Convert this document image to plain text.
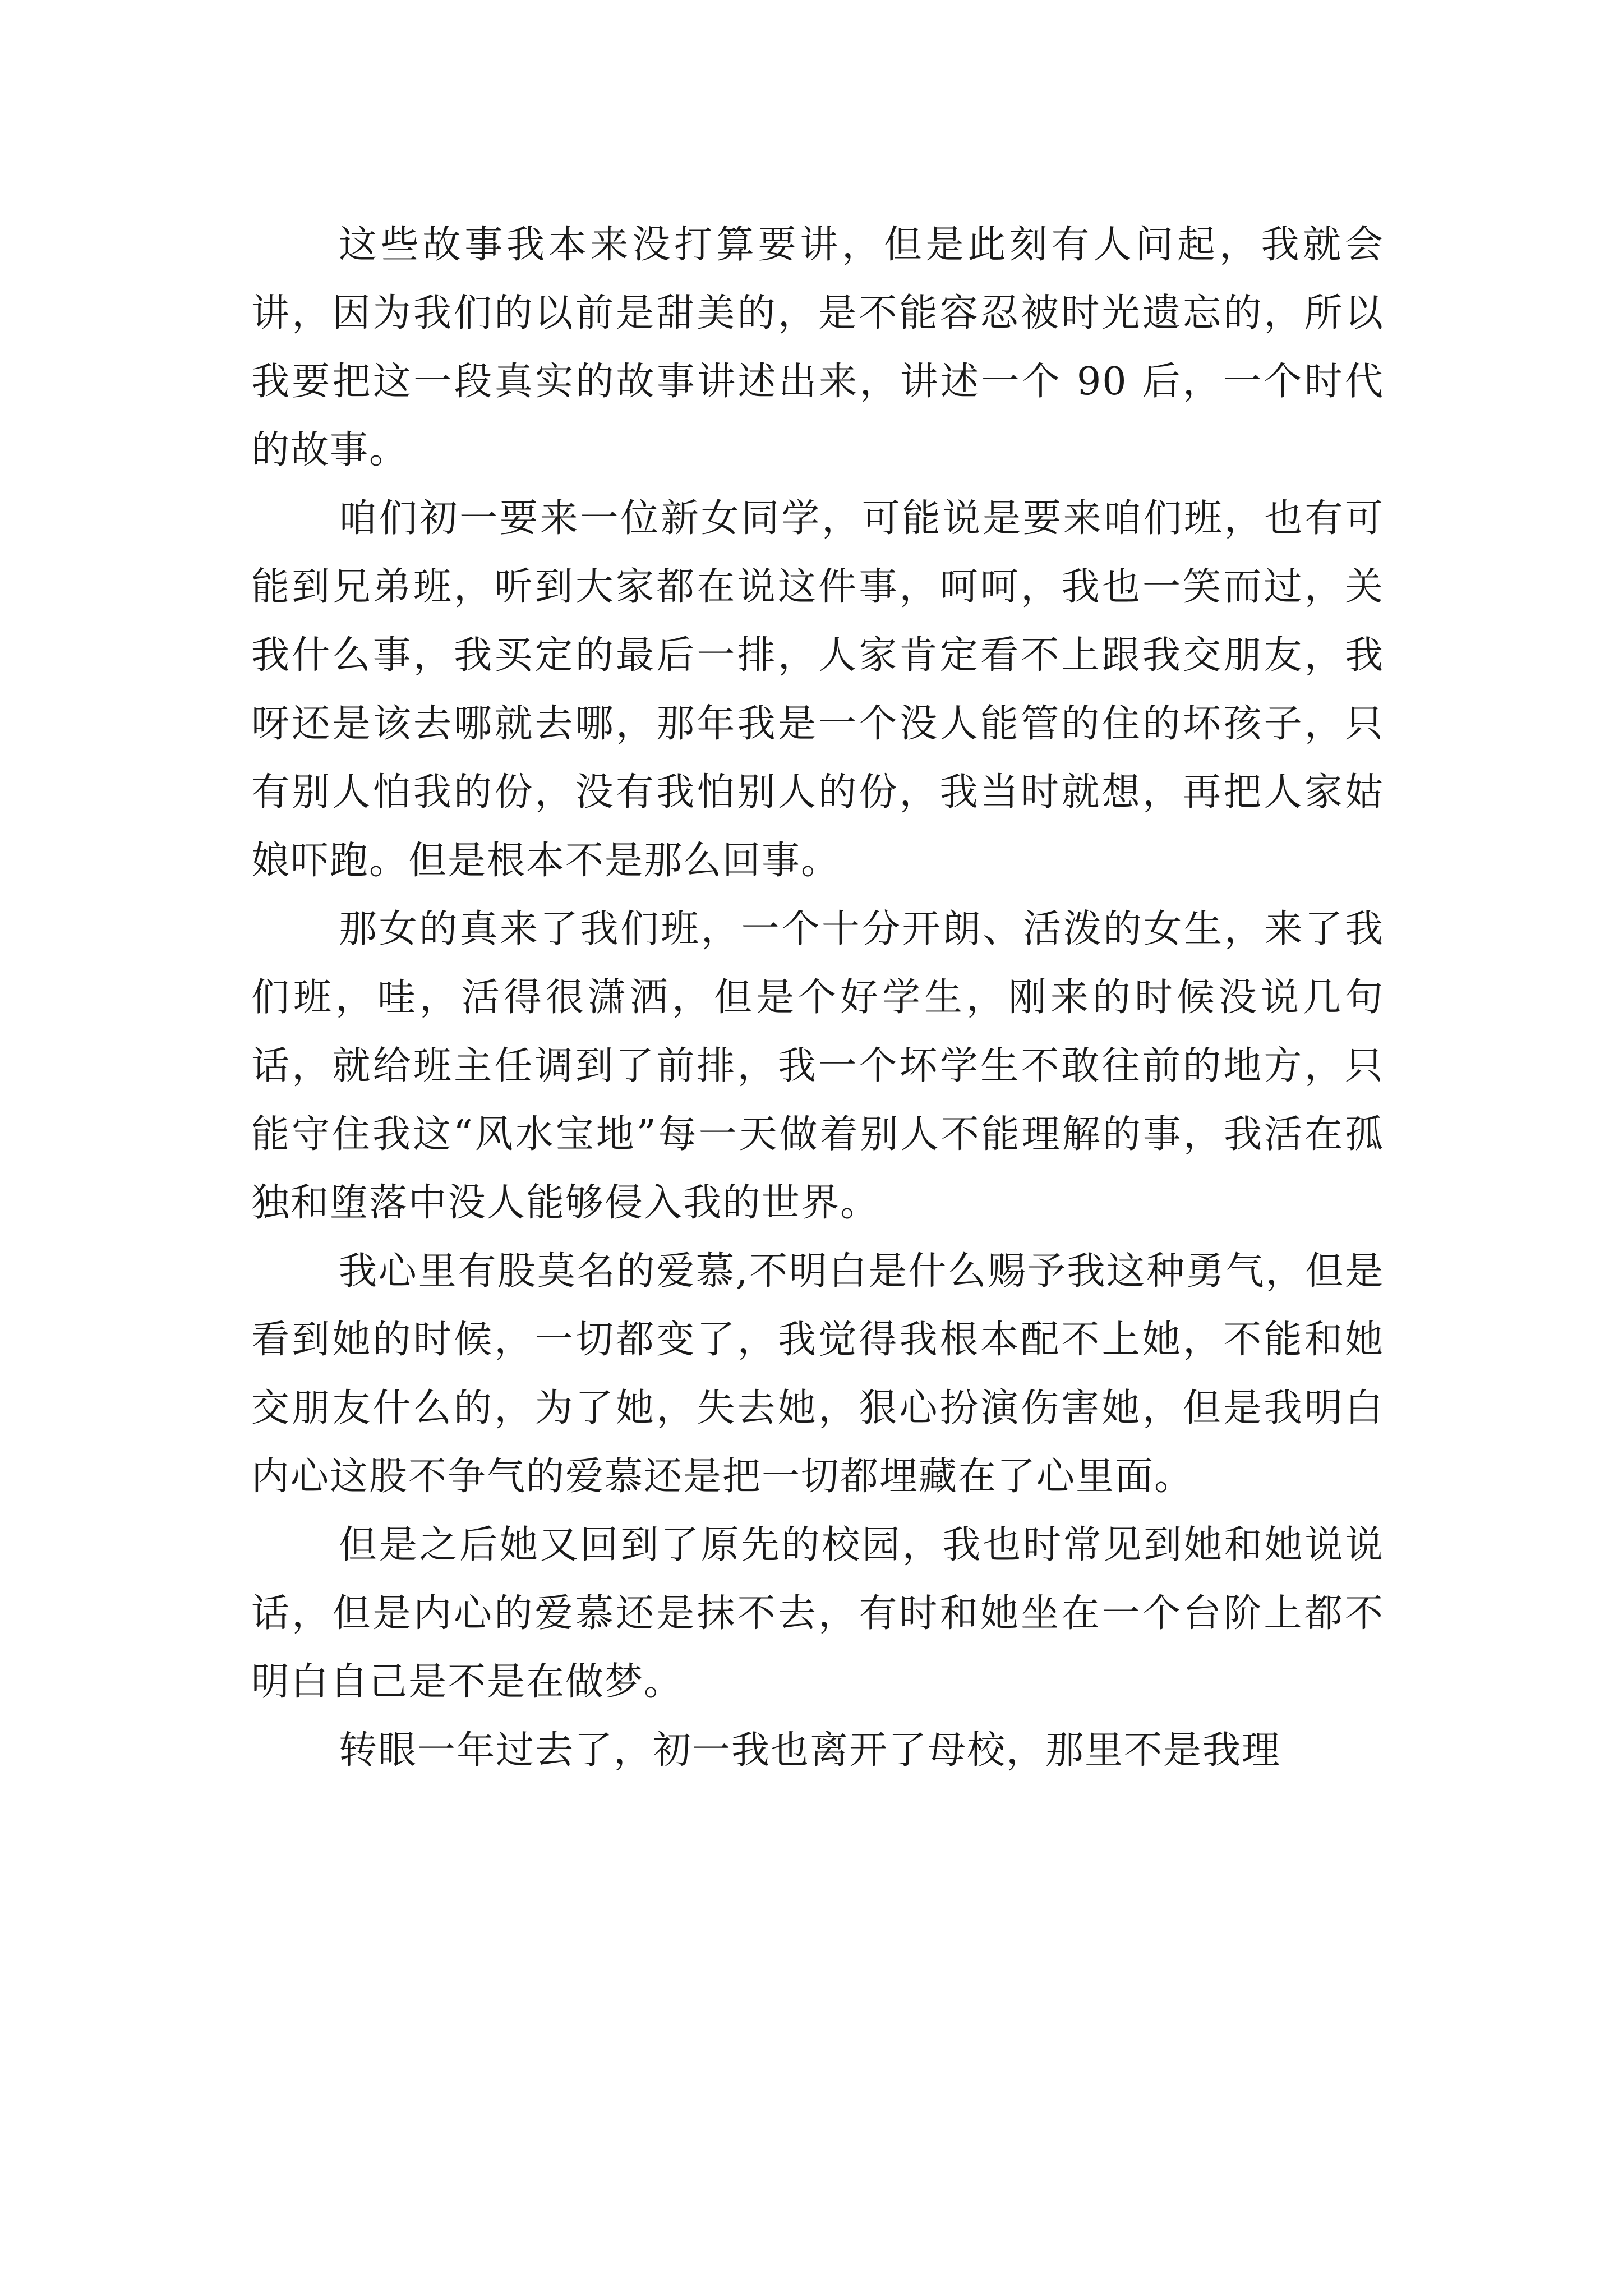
这些故事我本来没打算要讲，但是此刻有人问起，我就会讲，因为我们的以前是甜美的，是不能容忍被时光遗忘的，所以我要把这一段真实的故事讲述出来，讲述一个 90 后，一个时代的故事。

咱们初一要来一位新女同学，可能说是要来咱们班，也有可能到兄弟班，听到大家都在说这件事，呵呵，我也一笑而过，关我什么事，我买定的最后一排，人家肯定看不上跟我交朋友，我呀还是该去哪就去哪，那年我是一个没人能管的住的坏孩子，只有别人怕我的份，没有我怕别人的份，我当时就想，再把人家姑娘吓跑。但是根本不是那么回事。

那女的真来了我们班，一个十分开朗、活泼的女生，来了我们班，哇，活得很潇洒，但是个好学生，刚来的时候没说几句话，就给班主任调到了前排，我一个坏学生不敢往前的地方，只能守住我这“风水宝地”每一天做着别人不能理解的事，我活在孤独和堕落中没人能够侵入我的世界。

我心里有股莫名的爱慕,不明白是什么赐予我这种勇气，但是看到她的时候，一切都变了，我觉得我根本配不上她，不能和她交朋友什么的，为了她，失去她，狠心扮演伤害她，但是我明白内心这股不争气的爱慕还是把一切都埋藏在了心里面。

但是之后她又回到了原先的校园，我也时常见到她和她说说话，但是内心的爱慕还是抹不去，有时和她坐在一个台阶上都不明白自己是不是在做梦。

转眼一年过去了，初一我也离开了母校，那里不是我理
